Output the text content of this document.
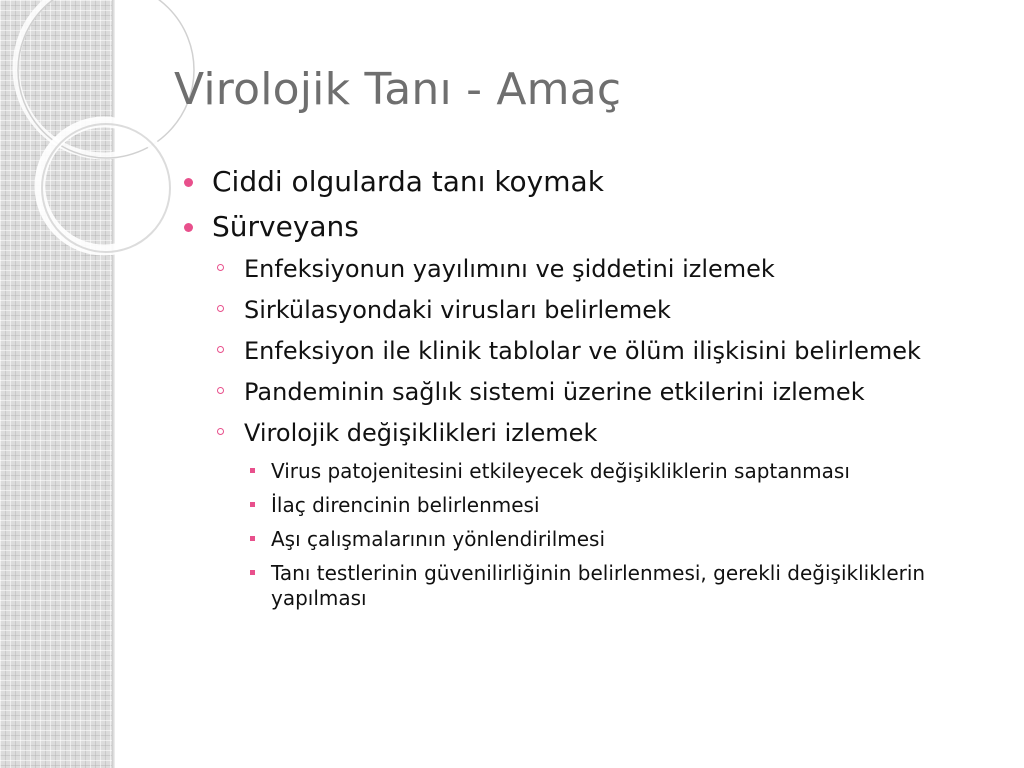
Virolojik Tanı - Amaç
Ciddi olgularda tanı koymak
Sürveyans
Enfeksiyonun yayılımını ve şiddetini izlemek
Sirkülasyondaki virusları belirlemek
Enfeksiyon ile klinik tablolar ve ölüm ilişkisini belirlemek
Pandeminin sağlık sistemi üzerine etkilerini izlemek
Virolojik değişiklikleri izlemek
Virus patojenitesini etkileyecek değişikliklerin saptanması
İlaç direncinin belirlenmesi
Aşı çalışmalarının yönlendirilmesi
Tanı testlerinin güvenilirliğinin belirlenmesi, gerekli değişikliklerin yapılması
